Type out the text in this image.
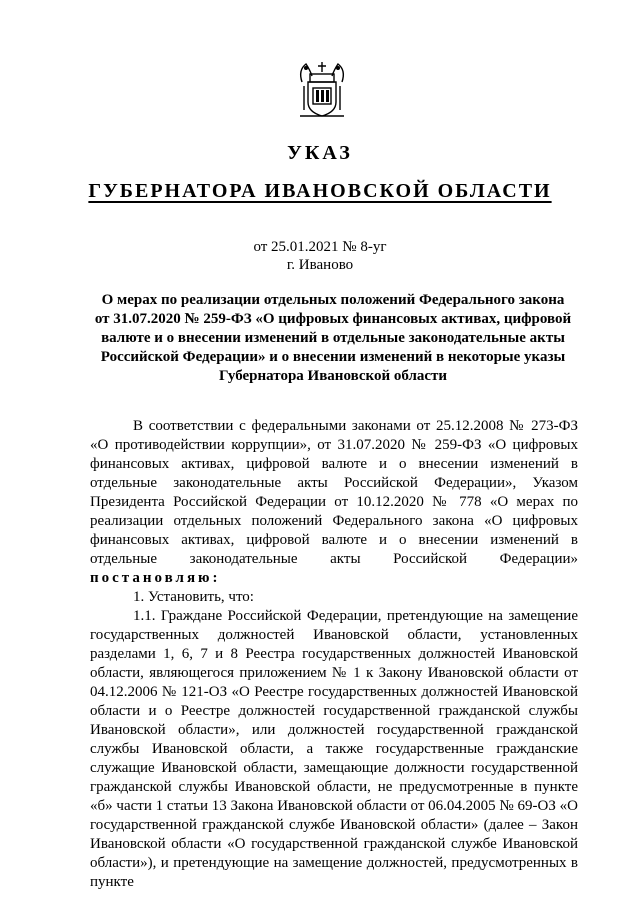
УКАЗ
ГУБЕРНАТОРА ИВАНОВСКОЙ ОБЛАСТИ
от 25.01.2021 № 8-уг
г. Иваново

О мерах по реализации отдельных положений Федерального закона
от 31.07.2020 № 259-ФЗ «О цифровых финансовых активах, цифровой
валюте и о внесении изменений в отдельные законодательные акты
Российской Федерации» и о внесении изменений в некоторые указы
Губернатора Ивановской области

В соответствии с федеральными законами от 25.12.2008 № 273-ФЗ «О противодействии коррупции», от 31.07.2020 № 259-ФЗ «О цифровых финансовых активах, цифровой валюте и о внесении изменений в отдельные законодательные акты Российской Федерации», Указом Президента Российской Федерации от 10.12.2020 № 778 «О мерах по реализации отдельных положений Федерального закона «О цифровых финансовых активах, цифровой валюте и о внесении изменений в отдельные законодательные акты Российской Федерации» постановляю:

1. Установить, что:

1.1. Граждане Российской Федерации, претендующие на замещение государственных должностей Ивановской области, установленных разделами 1, 6, 7 и 8 Реестра государственных должностей Ивановской области, являющегося приложением № 1 к Закону Ивановской области от 04.12.2006 № 121-ОЗ «О Реестре государственных должностей Ивановской области и о Реестре должностей государственной гражданской службы Ивановской области», или должностей государственной гражданской службы Ивановской области, а также государственные гражданские служащие Ивановской области, замещающие должности государственной гражданской службы Ивановской области, не предусмотренные в пункте «б» части 1 статьи 13 Закона Ивановской области от 06.04.2005 № 69-ОЗ «О государственной гражданской службе Ивановской области» (далее – Закон Ивановской области «О государственной гражданской службе Ивановской области»), и претендующие на замещение должностей, предусмотренных в пункте
